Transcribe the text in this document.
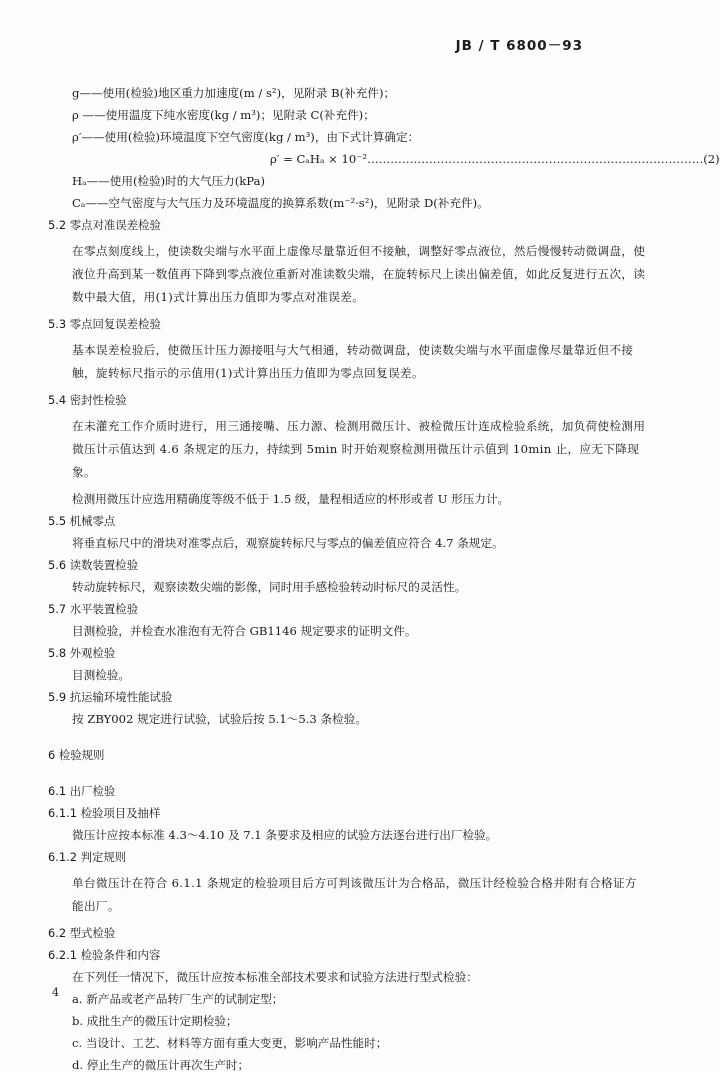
JB / T 6800－93
g——使用(检验)地区重力加速度(m / s²)，见附录 B(补充件)；
ρ ——使用温度下纯水密度(kg / m³)；见附录 C(补充件)；
ρ′——使用(检验)环境温度下空气密度(kg / m³)，由下式计算确定：
ρ′ = CₐHₐ × 10⁻²……………………………………………………………………………(2)
Hₐ——使用(检验)时的大气压力(kPa)
Cₐ——空气密度与大气压力及环境温度的换算系数(m⁻²·s²)，见附录 D(补充件)。
5.2 零点对准误差检验
在零点刻度线上，使读数尖端与水平面上虚像尽量靠近但不接触，调整好零点液位，然后慢慢转动微调盘，使液位升高到某一数值再下降到零点液位重新对准读数尖端，在旋转标尺上读出偏差值，如此反复进行五次，读数中最大值，用(1)式计算出压力值即为零点对准误差。
5.3 零点回复误差检验
基本误差检验后，使微压计压力源接咀与大气相通，转动微调盘，使读数尖端与水平面虚像尽量靠近但不接触，旋转标尺指示的示值用(1)式计算出压力值即为零点回复误差。
5.4 密封性检验
在未灌充工作介质时进行，用三通接嘴、压力源、检测用微压计、被检微压计连成检验系统，加负荷使检测用微压计示值达到 4.6 条规定的压力，持续到 5min 时开始观察检测用微压计示值到 10min 止，应无下降现象。
检测用微压计应选用精确度等级不低于 1.5 级，量程相适应的杯形或者 U 形压力计。
5.5 机械零点
将垂直标尺中的滑块对准零点后，观察旋转标尺与零点的偏差值应符合 4.7 条规定。
5.6 读数装置检验
转动旋转标尺，观察读数尖端的影像，同时用手感检验转动时标尺的灵活性。
5.7 水平装置检验
目测检验，并检查水准泡有无符合 GB1146 规定要求的证明文件。
5.8 外观检验
目测检验。
5.9 抗运输环境性能试验
按 ZBY002 规定进行试验，试验后按 5.1～5.3 条检验。
6 检验规则
6.1 出厂检验
6.1.1 检验项目及抽样
微压计应按本标准 4.3～4.10 及 7.1 条要求及相应的试验方法逐台进行出厂检验。
6.1.2 判定规则
单台微压计在符合 6.1.1 条规定的检验项目后方可判该微压计为合格品，微压计经检验合格并附有合格证方能出厂。
6.2 型式检验
6.2.1 检验条件和内容
在下列任一情况下，微压计应按本标准全部技术要求和试验方法进行型式检验：
a. 新产品或老产品转厂生产的试制定型；
b. 成批生产的微压计定期检验；
c. 当设计、工艺、材料等方面有重大变更，影响产品性能时；
d. 停止生产的微压计再次生产时；
4
